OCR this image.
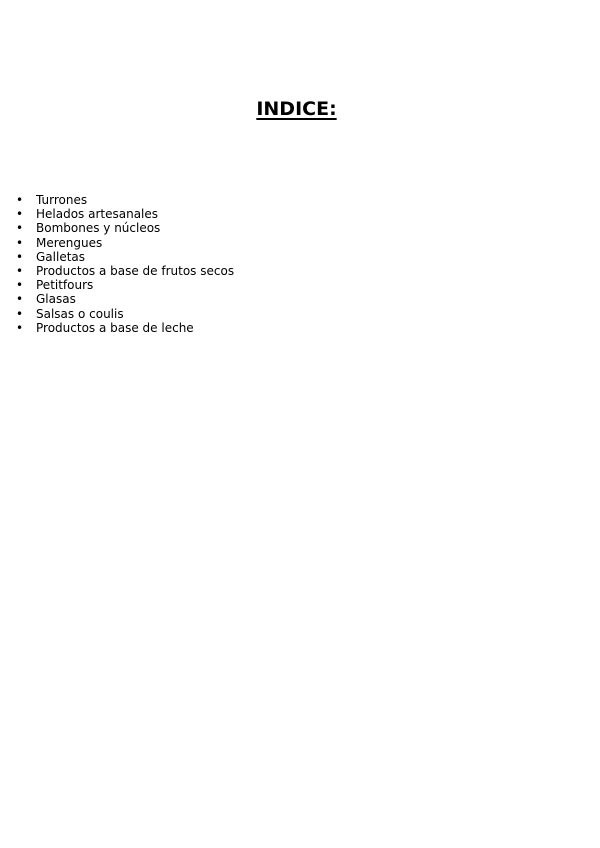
INDICE:
• Turrones
• Helados artesanales
• Bombones y núcleos
• Merengues
• Galletas
• Productos a base de frutos secos
• Petitfours
• Glasas
• Salsas o coulis
• Productos a base de leche
